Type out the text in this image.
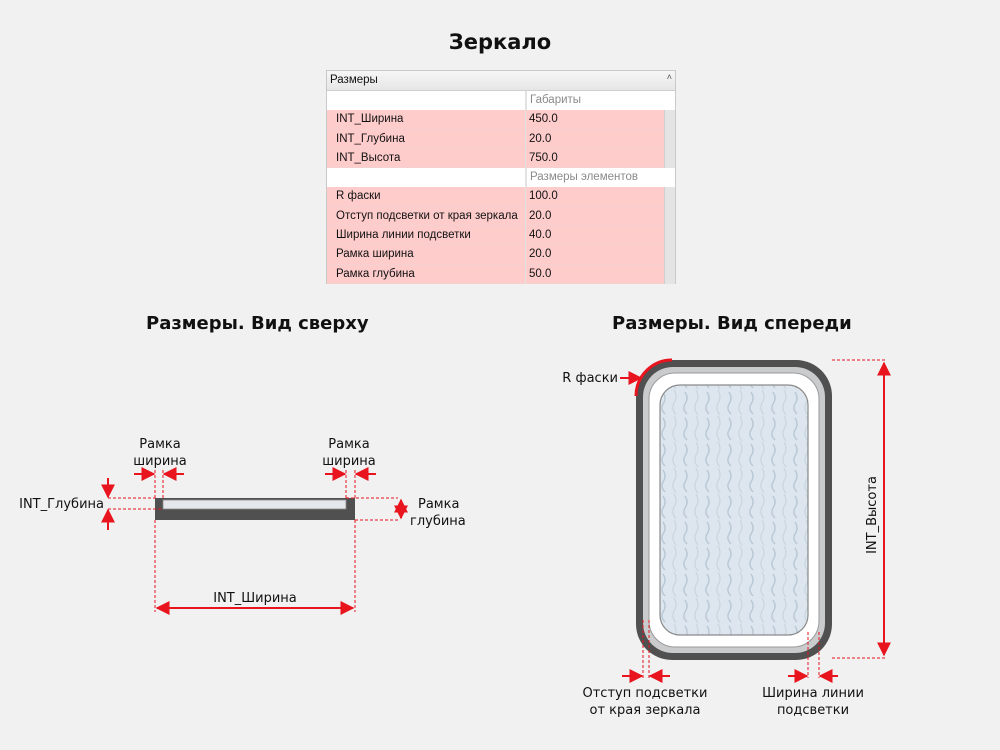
Зеркало
Размеры	˄
Габариты
INT_Ширина	450.0
INT_Глубина	20.0
INT_Высота	750.0
Размеры элементов
R фаски	100.0
Отступ подсветки от края зеркала 20.0
Ширина линии подсветки	40.0
Рамка ширина	20.0
Рамка глубина	50.0
Размеры. Вид сверху	Размеры. Вид спереди
Рамка
ширина
Рамка
ширина
INT_Глубина	Рамка
глубина
INT_Ширина
R фаски
INT_Высота
Отступ подсветки
от края зеркала
Ширина линии
подсветки
